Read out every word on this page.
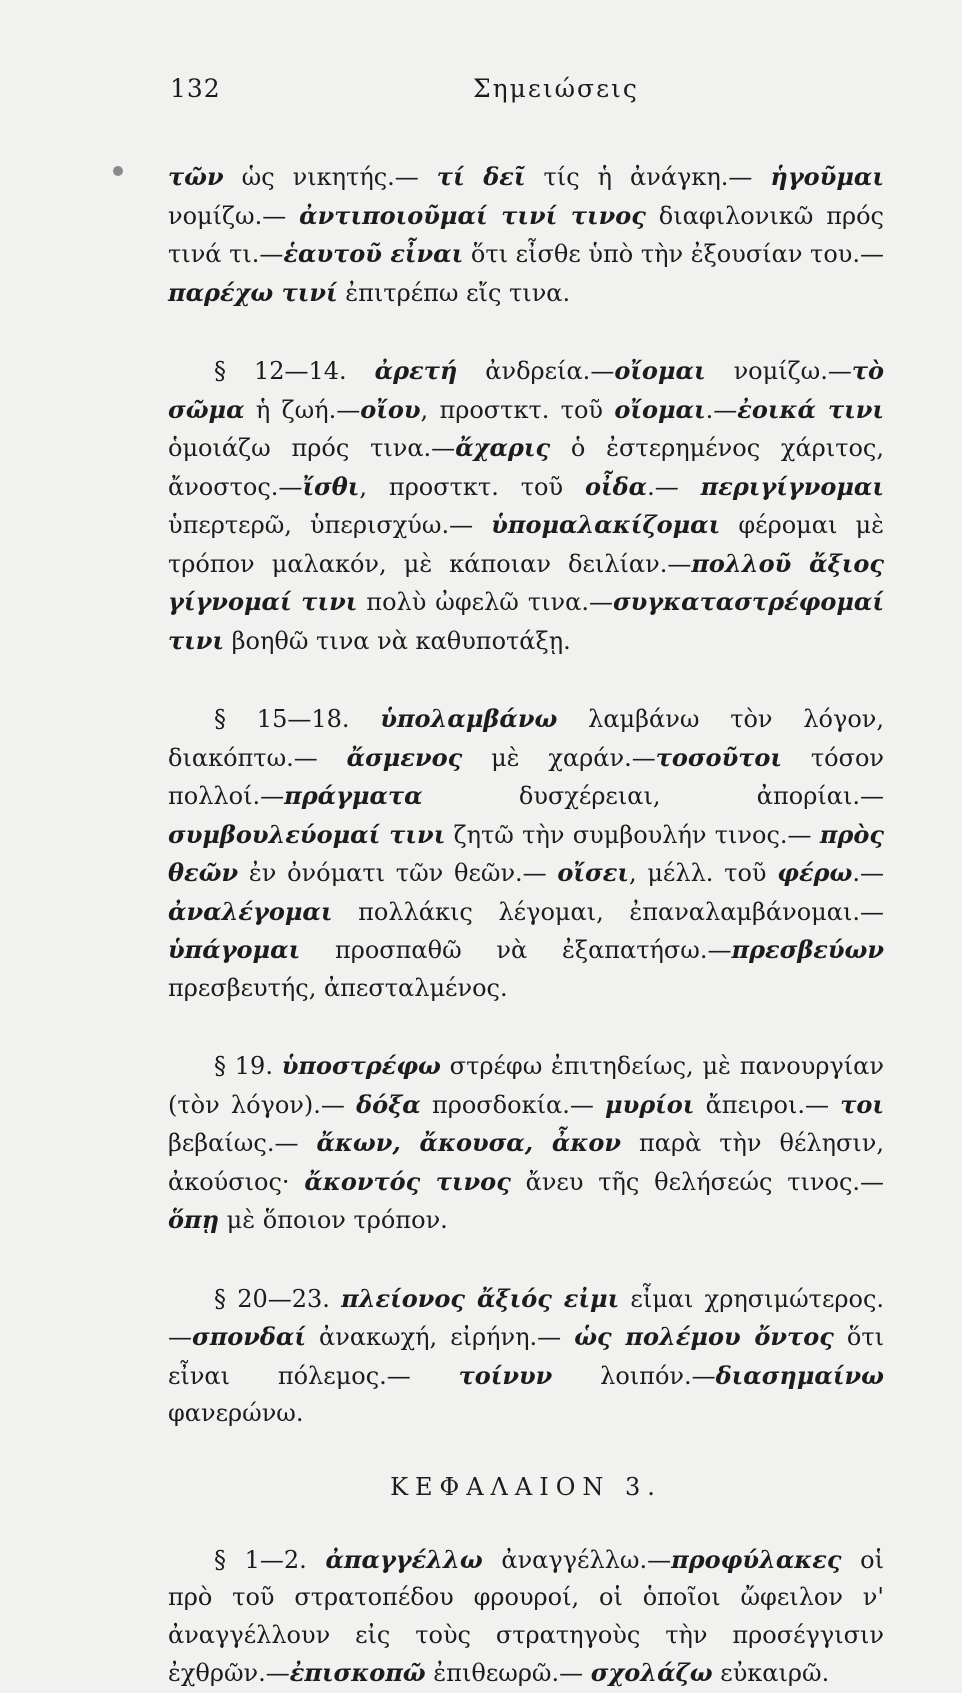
132	Σημειώσεις

τῶν ὡς νικητής.— τί δεῖ τίς ἡ ἀνάγκη.— ἡγοῦμαι νομίζω.— ἀντιποιοῦμαί τινί τινος διαφιλονικῶ πρός τινά τι.—ἑαυτοῦ εἶναι ὅτι εἶσθε ὑπὸ τὴν ἐξουσίαν του.—παρέχω τινί ἐπιτρέπω εἴς τινα.

§ 12—14. ἀρετή ἀνδρεία.—οἴομαι νομίζω.—τὸ σῶμα ἡ ζωή.—οἴου, προστκτ. τοῦ οἴομαι.—ἐοικά τινι ὁμοιάζω πρός τινα.—ἄχαρις ὁ ἐστερημένος χάριτος, ἄνοστος.—ἴσθι, προστκτ. τοῦ οἶδα.— περιγίγνομαι ὑπερτερῶ, ὑπερισχύω.— ὑπομαλακίζομαι φέρομαι μὲ τρόπον μαλακόν, μὲ κάποιαν δειλίαν.—πολλοῦ ἄξιος γίγνομαί τινι πολὺ ὠφελῶ τινα.—συγκαταστρέφομαί τινι βοηθῶ τινα νὰ καθυποτάξῃ.

§ 15—18. ὑπολαμβάνω λαμβάνω τὸν λόγον, διακόπτω.— ἄσμενος μὲ χαράν.—τοσοῦτοι τόσον πολλοί.—πράγματα δυσχέρειαι, ἀπορίαι.—συμβουλεύομαί τινι ζητῶ τὴν συμβουλήν τινος.— πρὸς θεῶν ἐν ὀνόματι τῶν θεῶν.— οἴσει, μέλλ. τοῦ φέρω.—ἀναλέγομαι πολλάκις λέγομαι, ἐπαναλαμβάνομαι.—ὑπάγομαι προσπαθῶ νὰ ἐξαπατήσω.—πρεσβεύων πρεσβευτής, ἀπεσταλμένος.

§ 19. ὑποστρέφω στρέφω ἐπιτηδείως, μὲ πανουργίαν (τὸν λόγον).— δόξα προσδοκία.— μυρίοι ἄπειροι.— τοι βεβαίως.— ἄκων, ἄκουσα, ἆκον παρὰ τὴν θέλησιν, ἀκούσιος· ἄκοντός τινος ἄνευ τῆς θελήσεώς τινος.— ὅπῃ μὲ ὅποιον τρόπον.

§ 20—23. πλείονος ἄξιός εἰμι εἶμαι χρησιμώτερος.—σπονδαί ἀνακωχή, εἰρήνη.— ὡς πολέμου ὄντος ὅτι εἶναι πόλεμος.— τοίνυν λοιπόν.—διασημαίνω φανερώνω.

ΚΕΦΑΛΑΙΟΝ 3.

§ 1—2. ἀπαγγέλλω ἀναγγέλλω.—προφύλακες οἱ πρὸ τοῦ στρατοπέδου φρουροί, οἱ ὁποῖοι ὤφειλον ν' ἀναγγέλλουν εἰς τοὺς στρατηγοὺς τὴν προσέγγισιν ἐχθρῶν.—ἐπισκοπῶ ἐπιθεωρῶ.— σχολάζω εὐκαιρῶ.
